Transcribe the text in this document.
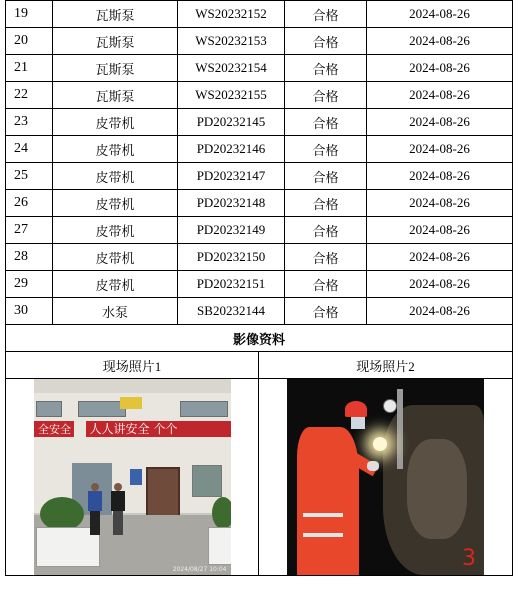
19	瓦斯泵	WS20232152	合格	2024-08-26
20	瓦斯泵	WS20232153	合格	2024-08-26
21	瓦斯泵	WS20232154	合格	2024-08-26
22	瓦斯泵	WS20232155	合格	2024-08-26
23	皮带机	PD20232145	合格	2024-08-26
24	皮带机	PD20232146	合格	2024-08-26
25	皮带机	PD20232147	合格	2024-08-26
26	皮带机	PD20232148	合格	2024-08-26
27	皮带机	PD20232149	合格	2024-08-26
28	皮带机	PD20232150	合格	2024-08-26
29	皮带机	PD20232151	合格	2024-08-26
30	水泵	SB20232144	合格	2024-08-26
影像资料				
现场照片1	现场照片2

全安全 人人讲安全 个个
2024/08/27 10:04	3
